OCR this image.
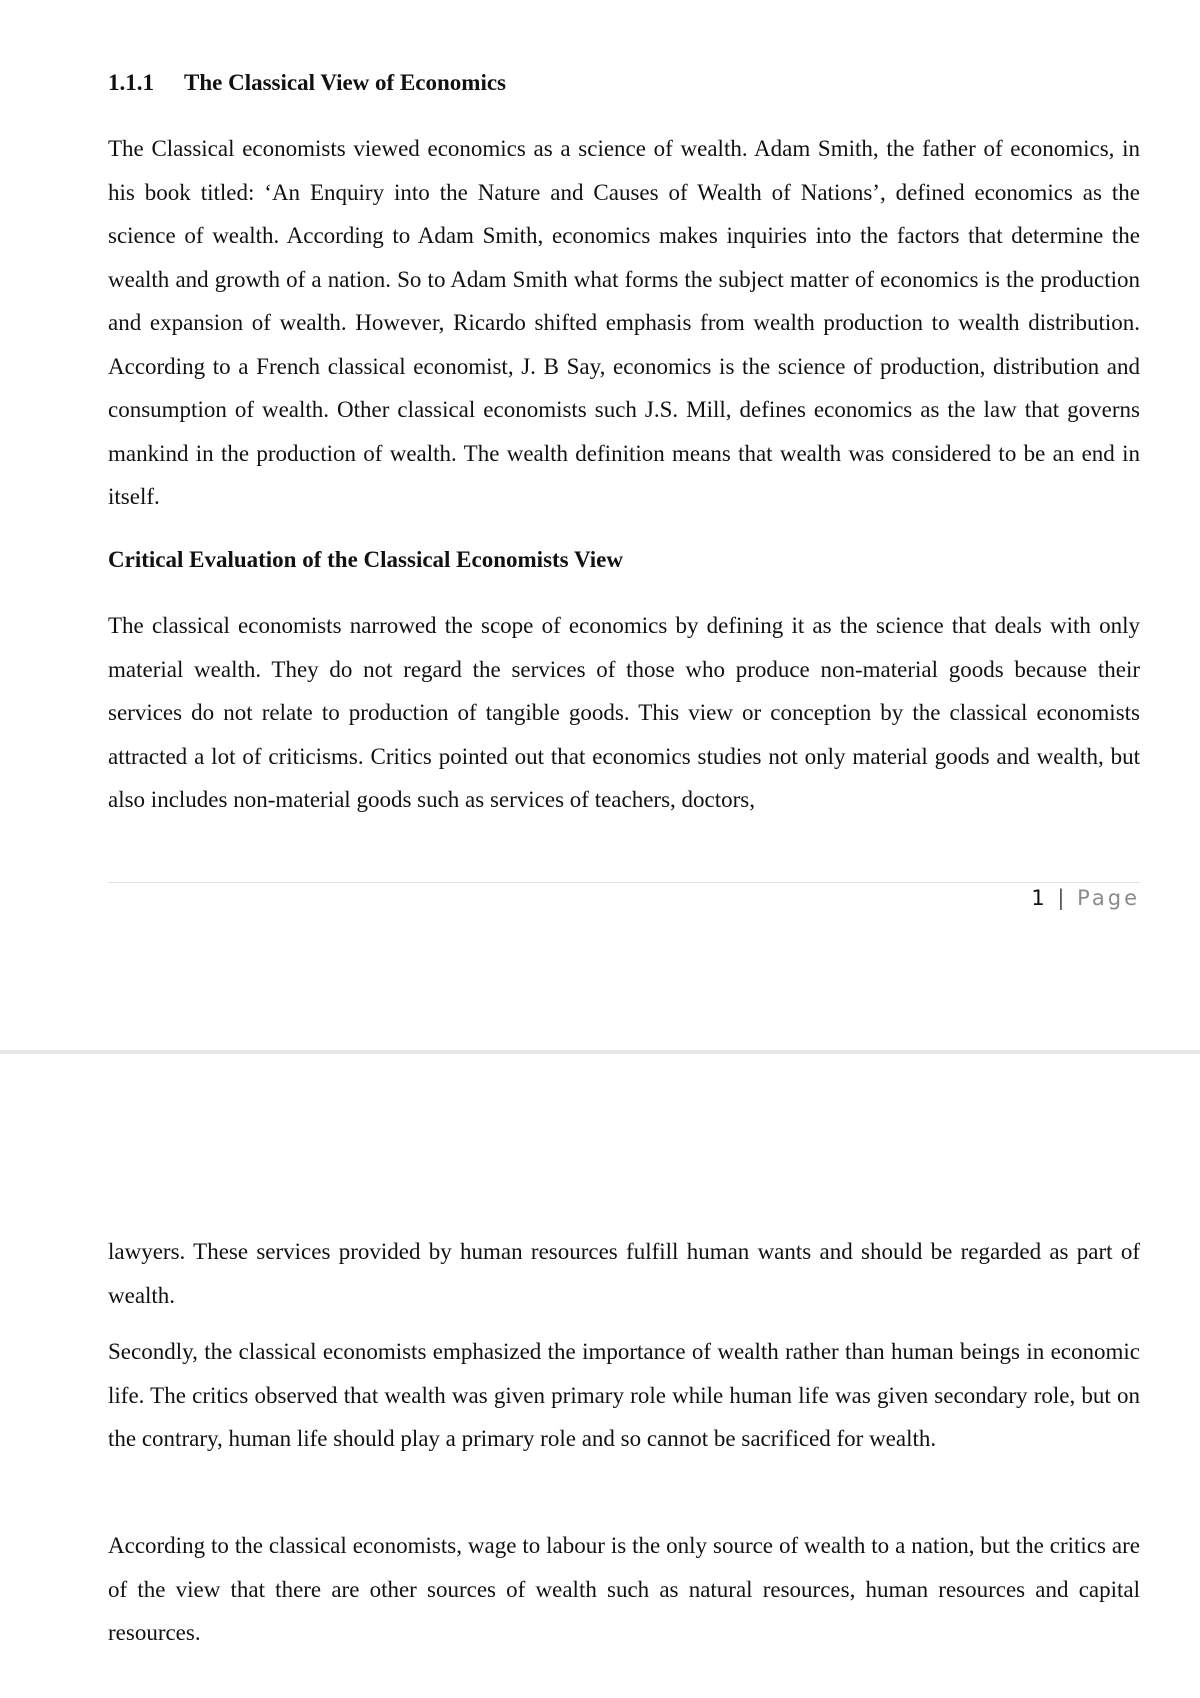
1.1.1 The Classical View of Economics

The Classical economists viewed economics as a science of wealth. Adam Smith, the father of economics, in his book titled: ‘An Enquiry into the Nature and Causes of Wealth of Nations’, defined economics as the science of wealth. According to Adam Smith, economics makes inquiries into the factors that determine the wealth and growth of a nation. So to Adam Smith what forms the subject matter of economics is the production and expansion of wealth. However, Ricardo shifted emphasis from wealth production to wealth distribution. According to a French classical economist, J. B Say, economics is the science of production, distribution and consumption of wealth. Other classical economists such J.S. Mill, defines economics as the law that governs mankind in the production of wealth. The wealth definition means that wealth was considered to be an end in itself.

Critical Evaluation of the Classical Economists View

The classical economists narrowed the scope of economics by defining it as the science that deals with only material wealth. They do not regard the services of those who produce non-material goods because their services do not relate to production of tangible goods. This view or conception by the classical economists attracted a lot of criticisms. Critics pointed out that economics studies not only material goods and wealth, but also includes non-material goods such as services of teachers, doctors,

1 | Page

lawyers. These services provided by human resources fulfill human wants and should be regarded as part of wealth.

Secondly, the classical economists emphasized the importance of wealth rather than human beings in economic life. The critics observed that wealth was given primary role while human life was given secondary role, but on the contrary, human life should play a primary role and so cannot be sacrificed for wealth.

According to the classical economists, wage to labour is the only source of wealth to a nation, but the critics are of the view that there are other sources of wealth such as natural resources, human resources and capital resources.
